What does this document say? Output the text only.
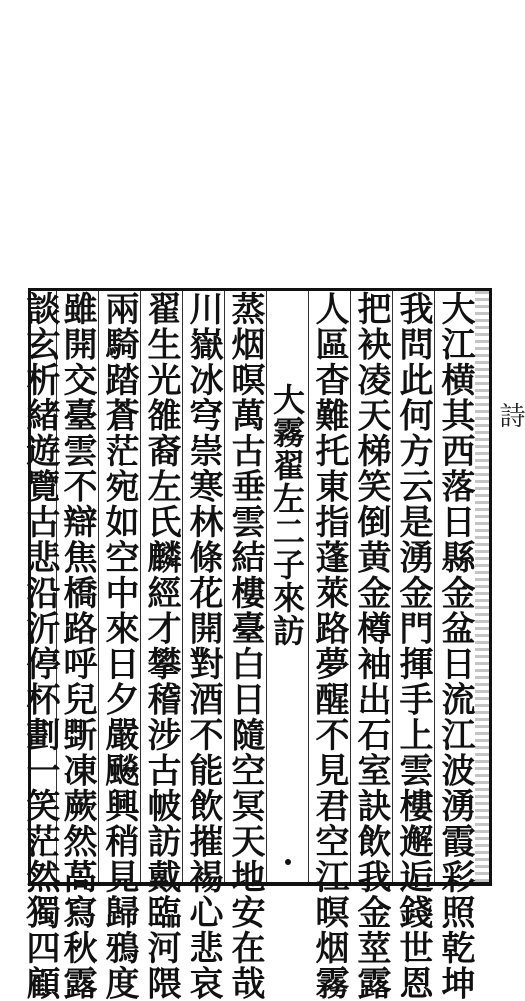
大江横其西落日縣金盆日流江波湧霞彩照乾坤
我問此何方云是湧金門揮手上雲樓邂逅錢世恩
把袂凌天梯笑倒黄金樽袖出石室訣飲我金莖露
人區杳難托東指蓬萊路夢醒不見君空江暝烟霧
大霧翟左二子來訪
蒸烟暝萬古垂雲結樓臺白日隨空冥天地安在哉
川嶽冰穹崇寒林條花開對酒不能飲摧裼心悲哀
翟生光雒裔左氏麟經才攀稽涉古帔訪戴臨河隈
兩騎踏蒼茫宛如空中來日夕嚴飈興稍見歸鴉度
雖開交臺雲不辯焦橋路呼兒斲凍蕨然萵寫秋露
談玄析緒遊覽古悲沿沂停杯劃一笑茫然獨四顧	詩
